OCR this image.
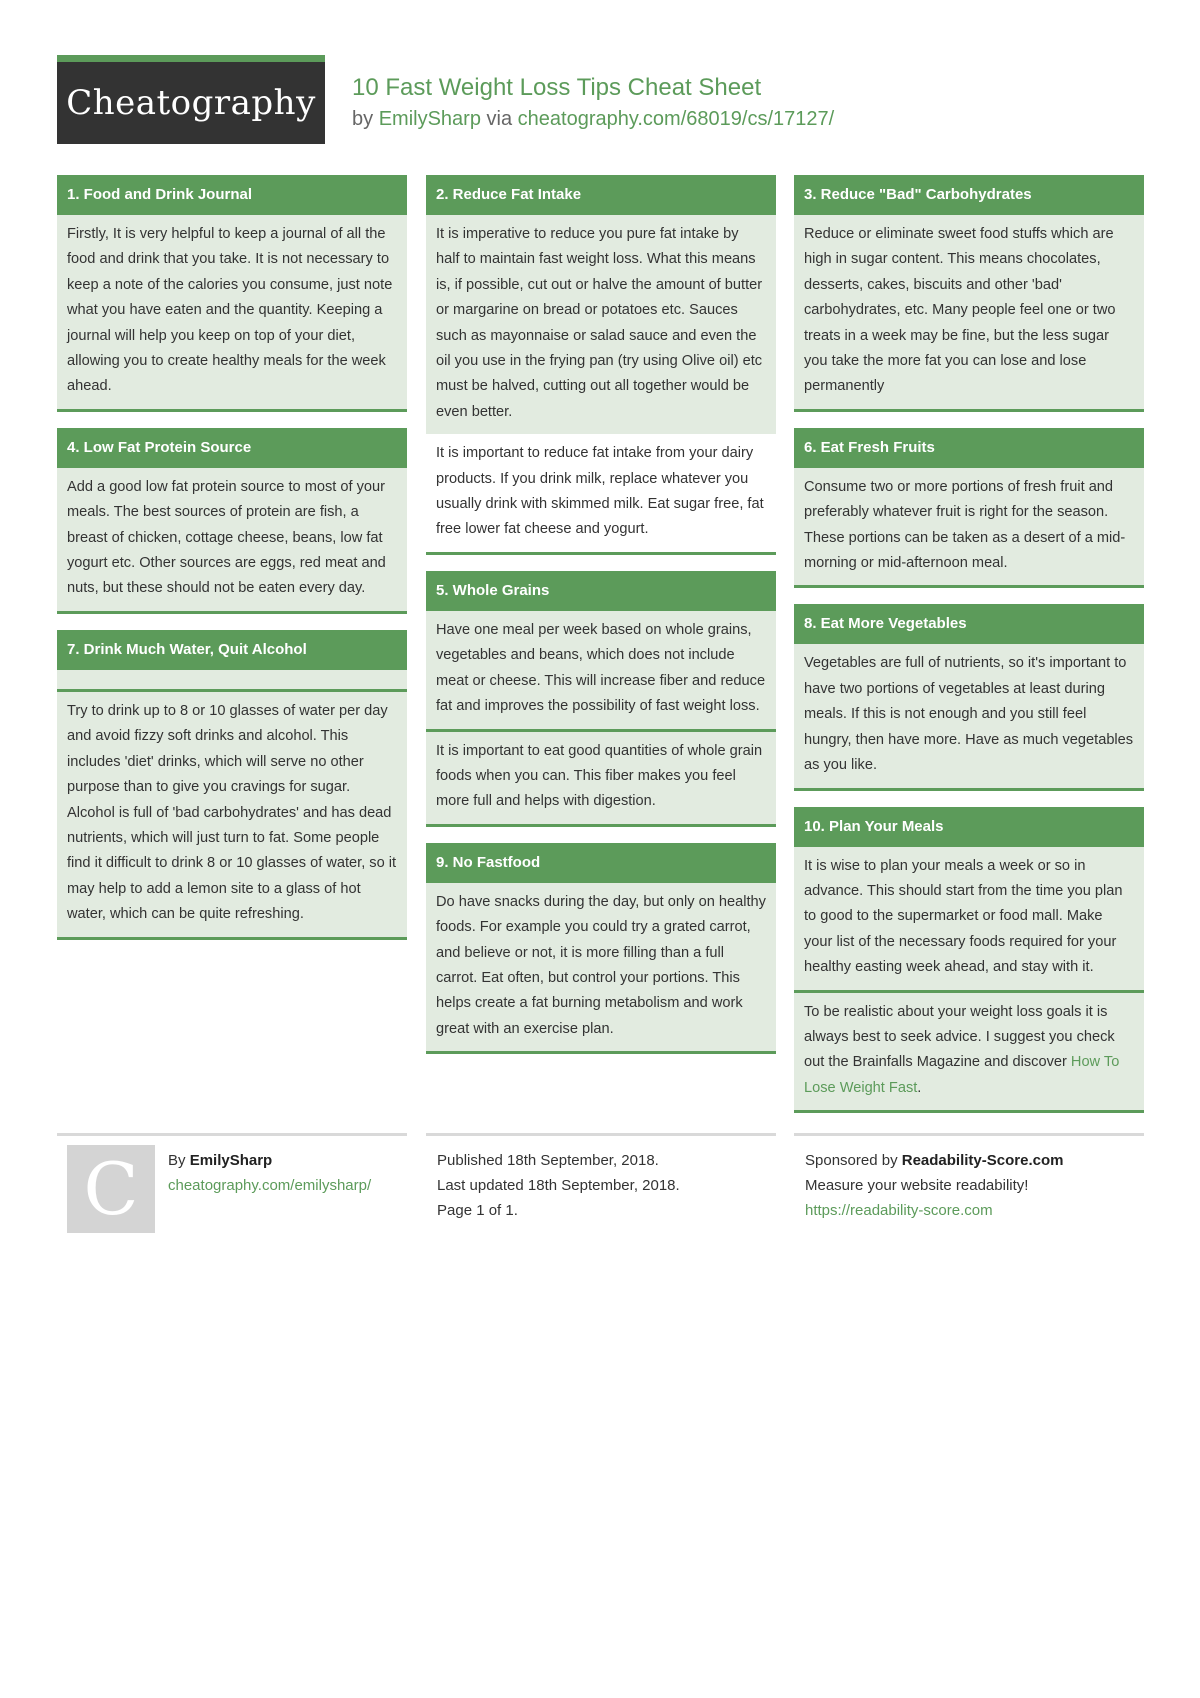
Cheatography	10 Fast Weight Loss Tips Cheat Sheet
by EmilySharp via cheatography.com/68019/cs/17127/
1. Food and Drink Journal
Firstly, It is very helpful to keep a journal of all the food and drink that you take. It is not necessary to keep a note of the calories you consume, just note what you have eaten and the quantity. Keeping a journal will help you keep on top of your diet, allowing you to create healthy meals for the week ahead.
4. Low Fat Protein Source
Add a good low fat protein source to most of your meals. The best sources of protein are fish, a breast of chicken, cottage cheese, beans, low fat yogurt etc. Other sources are eggs, red meat and nuts, but these should not be eaten every day.
7. Drink Much Water, Quit Alcohol
Try to drink up to 8 or 10 glasses of water per day and avoid fizzy soft drinks and alcohol. This includes 'diet' drinks, which will serve no other purpose than to give you cravings for sugar. Alcohol is full of 'bad carbohydrates' and has dead nutrients, which will just turn to fat. Some people find it difficult to drink 8 or 10 glasses of water, so it may help to add a lemon site to a glass of hot water, which can be quite refreshing.
2. Reduce Fat Intake
It is imperative to reduce you pure fat intake by half to maintain fast weight loss. What this means is, if possible, cut out or halve the amount of butter or margarine on bread or potatoes etc. Sauces such as mayonnaise or salad sauce and even the oil you use in the frying pan (try using Olive oil) etc must be halved, cutting out all together would be even better.
It is important to reduce fat intake from your dairy products. If you drink milk, replace whatever you usually drink with skimmed milk. Eat sugar free, fat free lower fat cheese and yogurt.
5. Whole Grains
Have one meal per week based on whole grains, vegetables and beans, which does not include meat or cheese. This will increase fiber and reduce fat and improves the possibility of fast weight loss.
It is important to eat good quantities of whole grain foods when you can. This fiber makes you feel more full and helps with digestion.
9. No Fastfood
Do have snacks during the day, but only on healthy foods. For example you could try a grated carrot, and believe or not, it is more filling than a full carrot. Eat often, but control your portions. This helps create a fat burning metabolism and work great with an exercise plan.
3. Reduce "Bad" Carbohydrates
Reduce or eliminate sweet food stuffs which are high in sugar content. This means chocolates, desserts, cakes, biscuits and other 'bad' carbohydrates, etc. Many people feel one or two treats in a week may be fine, but the less sugar you take the more fat you can lose and lose permanently
6. Eat Fresh Fruits
Consume two or more portions of fresh fruit and preferably whatever fruit is right for the season. These portions can be taken as a desert of a mid-morning or mid-afternoon meal.
8. Eat More Vegetables
Vegetables are full of nutrients, so it's important to have two portions of vegetables at least during meals. If this is not enough and you still feel hungry, then have more. Have as much vegetables as you like.
10. Plan Your Meals
It is wise to plan your meals a week or so in advance. This should start from the time you plan to good to the supermarket or food mall. Make your list of the necessary foods required for your healthy easting week ahead, and stay with it.
To be realistic about your weight loss goals it is always best to seek advice. I suggest you check out the Brainfalls Magazine and discover How To Lose Weight Fast.
C	By EmilySharp
cheatography.com/emilysharp/
Published 18th September, 2018.
Last updated 18th September, 2018.
Page 1 of 1.
Sponsored by Readability-Score.com
Measure your website readability!
https://readability-score.com
